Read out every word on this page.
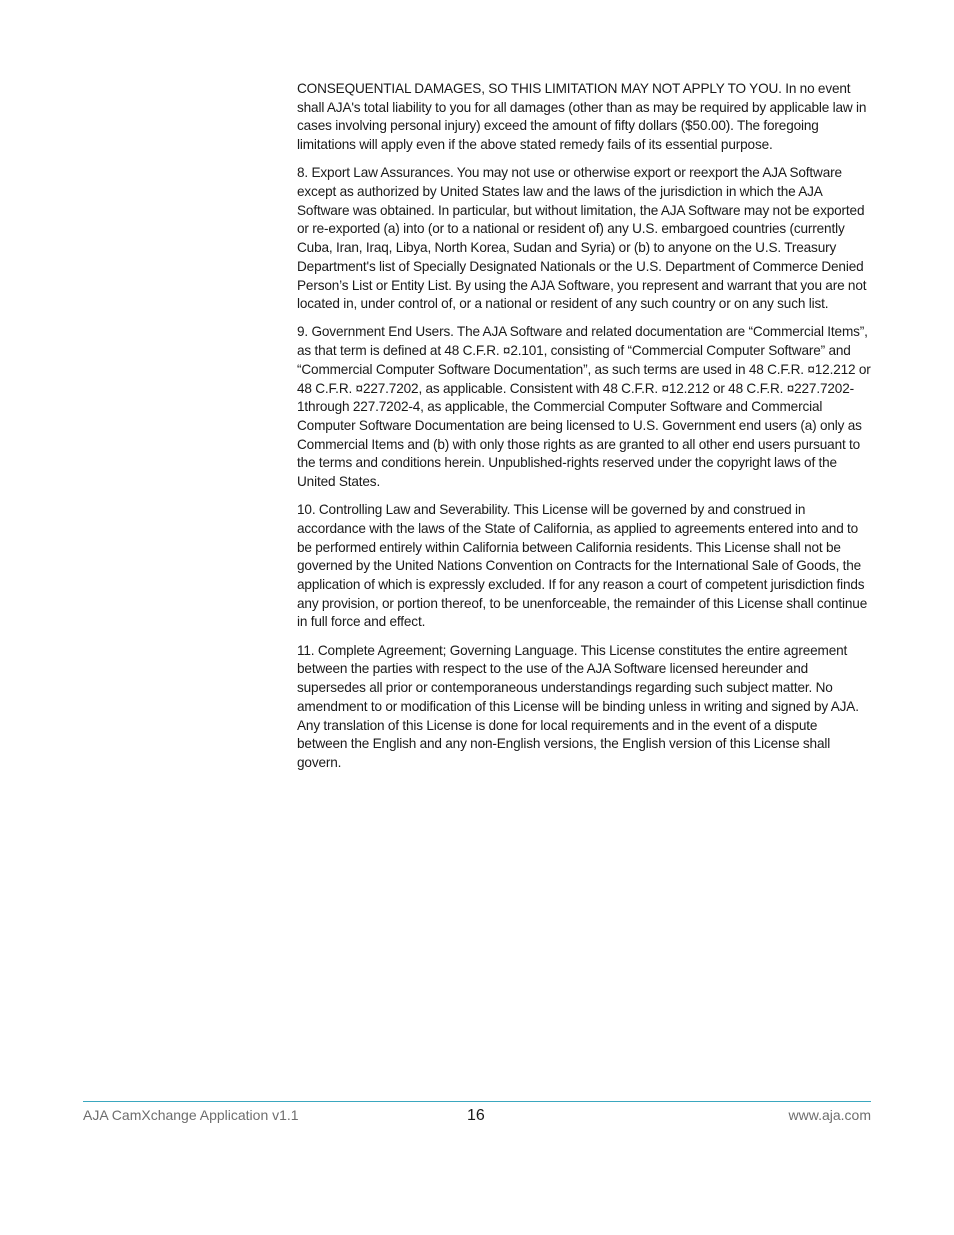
CONSEQUENTIAL DAMAGES, SO THIS LIMITATION MAY NOT APPLY TO YOU. In no event shall AJA's total liability to you for all damages (other than as may be required by applicable law in cases involving personal injury) exceed the amount of fifty dollars ($50.00). The foregoing limitations will apply even if the above stated remedy fails of its essential purpose.

8. Export Law Assurances. You may not use or otherwise export or reexport the AJA Software except as authorized by United States law and the laws of the jurisdiction in which the AJA Software was obtained. In particular, but without limitation, the AJA Software may not be exported or re-exported (a) into (or to a national or resident of) any U.S. embargoed countries (currently Cuba, Iran, Iraq, Libya, North Korea, Sudan and Syria) or (b) to anyone on the U.S. Treasury Department's list of Specially Designated Nationals or the U.S. Department of Commerce Denied Person’s List or Entity List. By using the AJA Software, you represent and warrant that you are not located in, under control of, or a national or resident of any such country or on any such list.

9. Government End Users. The AJA Software and related documentation are “Commercial Items”, as that term is defined at 48 C.F.R. ¤2.101, consisting of “Commercial Computer Software” and “Commercial Computer Software Documentation”, as such terms are used in 48 C.F.R. ¤12.212 or 48 C.F.R. ¤227.7202, as applicable. Consistent with 48 C.F.R. ¤12.212 or 48 C.F.R. ¤227.7202-1through 227.7202-4, as applicable, the Commercial Computer Software and Commercial Computer Software Documentation are being licensed to U.S. Government end users (a) only as Commercial Items and (b) with only those rights as are granted to all other end users pursuant to the terms and conditions herein. Unpublished-rights reserved under the copyright laws of the United States.

10. Controlling Law and Severability. This License will be governed by and construed in accordance with the laws of the State of California, as applied to agreements entered into and to be performed entirely within California between California residents. This License shall not be governed by the United Nations Convention on Contracts for the International Sale of Goods, the application of which is expressly excluded. If for any reason a court of competent jurisdiction finds any provision, or portion thereof, to be unenforceable, the remainder of this License shall continue in full force and effect.

11. Complete Agreement; Governing Language. This License constitutes the entire agreement between the parties with respect to the use of the AJA Software licensed hereunder and supersedes all prior or contemporaneous understandings regarding such subject matter. No amendment to or modification of this License will be binding unless in writing and signed by AJA. Any translation of this License is done for local requirements and in the event of a dispute between the English and any non-English versions, the English version of this License shall govern.

AJA CamXchange Application v1.1	16	www.aja.com
